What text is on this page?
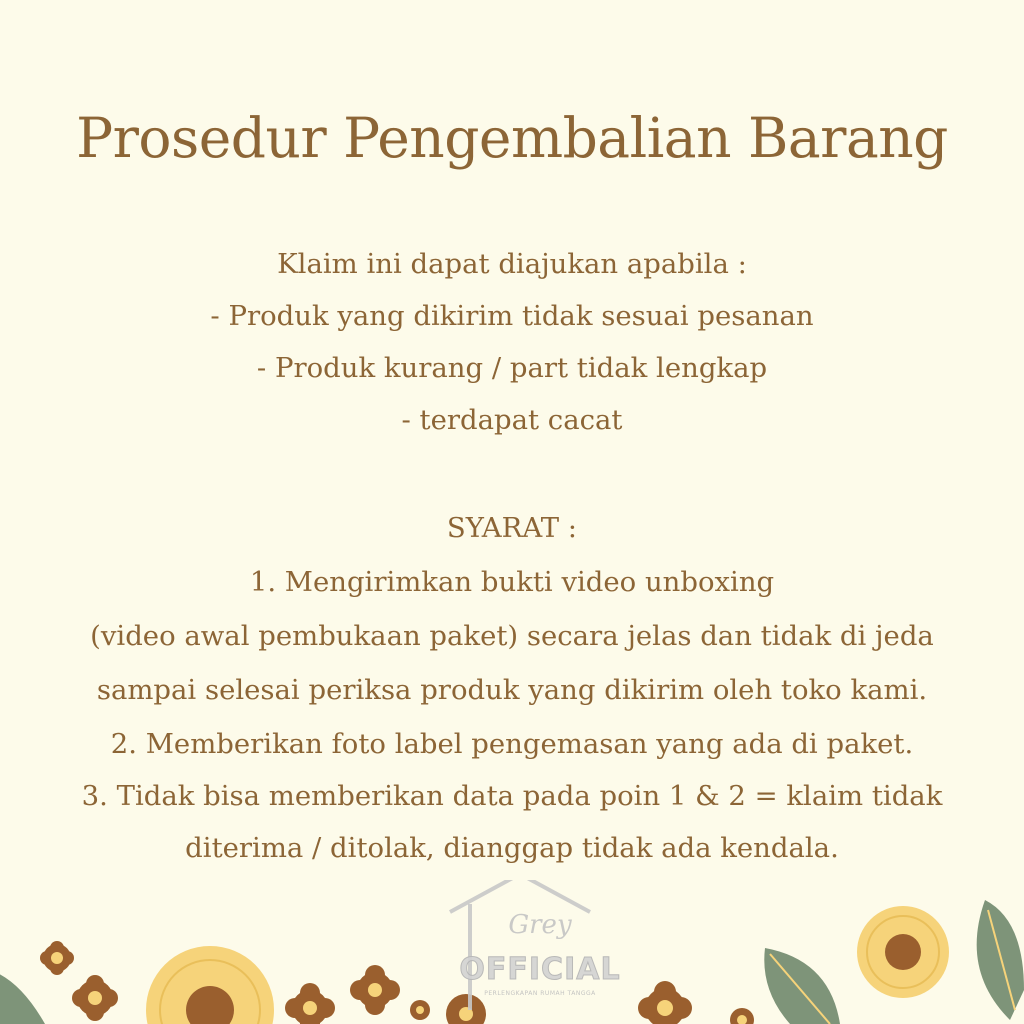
Prosedur Pengembalian Barang
Klaim ini dapat diajukan apabila :
- Produk yang dikirim tidak sesuai pesanan
- Produk kurang / part tidak lengkap
- terdapat cacat
SYARAT :
1. Mengirimkan bukti video unboxing
(video awal pembukaan paket) secara jelas dan tidak di jeda
sampai selesai periksa produk yang dikirim oleh toko kami.
2. Memberikan foto label pengemasan yang ada di paket.
3. Tidak bisa memberikan data pada poin 1 & 2 = klaim tidak
diterima / ditolak, dianggap tidak ada kendala.
Grey
OFFICIAL
PERLENGKAPAN RUMAH TANGGA
